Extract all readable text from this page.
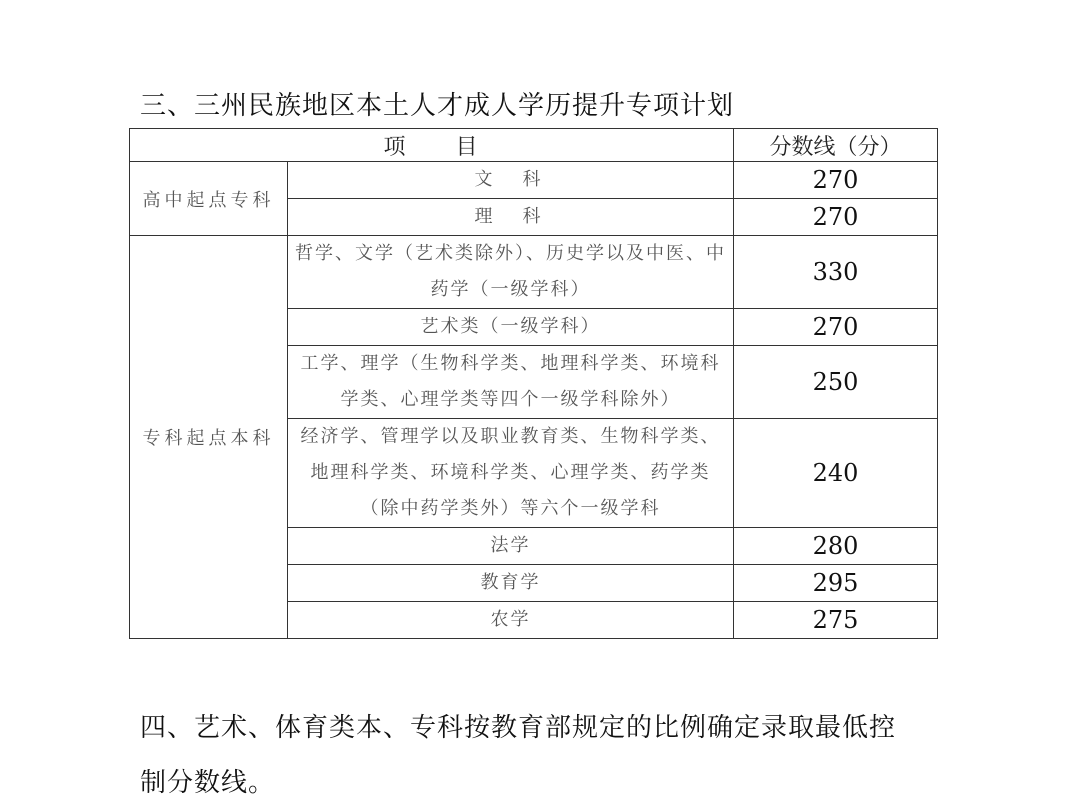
三、三州民族地区本土人才成人学历提升专项计划
项　　目		分数线（分）
高中起点专科	文　科	270
	理　科	270
专科起点本科	哲学、文学（艺术类除外）、历史学以及中医、中药学（一级学科）	330
	艺术类（一级学科）	270
	工学、理学（生物科学类、地理科学类、环境科学类、心理学类等四个一级学科除外）	250
	经济学、管理学以及职业教育类、生物科学类、地理科学类、环境科学类、心理学类、药学类（除中药学类外）等六个一级学科	240
	法学	280
	教育学	295
	农学	275
四、艺术、体育类本、专科按教育部规定的比例确定录取最低控
制分数线。
